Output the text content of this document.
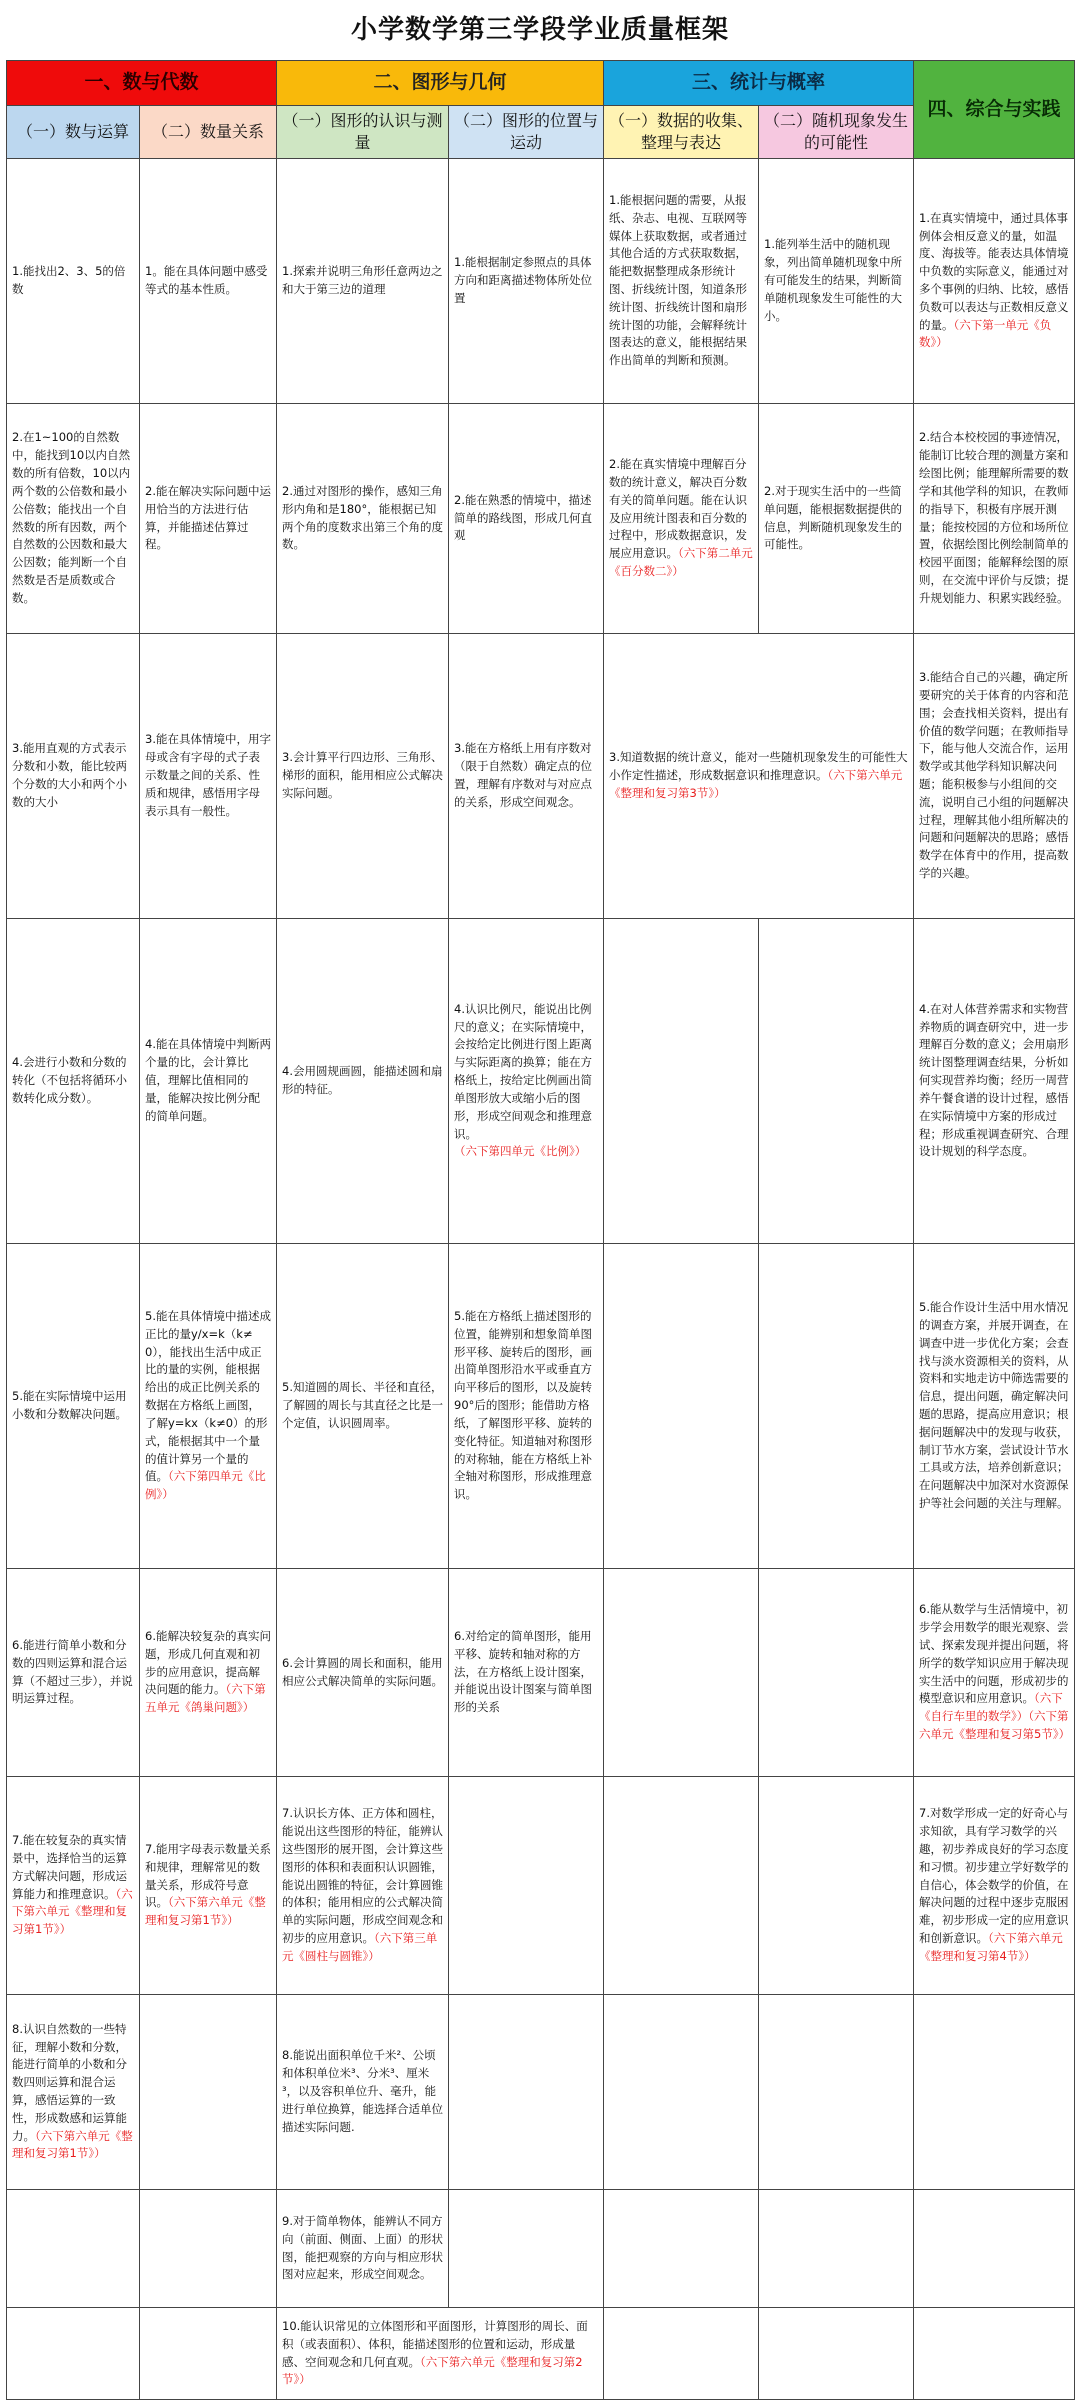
小学数学第三学段学业质量框架
一、数与代数		二、图形与几何		三、统计与概率		四、综合与实践
（一）数与运算	（二）数量关系	（一）图形的认识与测量	（二）图形的位置与运动	（一）数据的收集、整理与表达	（二）随机现象发生的可能性	
1.能找出2、3、5的倍数	1。能在具体问题中感受等式的基本性质。	1.探索并说明三角形任意两边之和大于第三边的道理	1.能根据制定参照点的具体方向和距离描述物体所处位置	1.能根据问题的需要，从报纸、杂志、电视、互联网等媒体上获取数据，或者通过其他合适的方式获取数据，能把数据整理成条形统计图、折线统计图，知道条形统计图、折线统计图和扇形统计图的功能，会解释统计图表达的意义，能根据结果作出简单的判断和预测。	1.能列举生活中的随机现象，列出简单随机现象中所有可能发生的结果，判断简单随机现象发生可能性的大小。	1.在真实情境中，通过具体事例体会相反意义的量，如温度、海拔等。能表达具体情境中负数的实际意义，能通过对多个事例的归纳、比较，感悟负数可以表达与正数相反意义的量。（六下第一单元《负数》）
2.在1~100的自然数中，能找到10以内自然数的所有倍数，10以内两个数的公倍数和最小公倍数；能找出一个自然数的所有因数，两个自然数的公因数和最大公因数；能判断一个自然数是否是质数或合数。	2.能在解决实际问题中运用恰当的方法进行估算，并能描述估算过程。	2.通过对图形的操作，感知三角形内角和是180°，能根据已知两个角的度数求出第三个角的度数。	2.能在熟悉的情境中，描述简单的路线图，形成几何直观	2.能在真实情境中理解百分数的统计意义，解决百分数有关的简单问题。能在认识及应用统计图表和百分数的过程中，形成数据意识，发展应用意识。（六下第二单元《百分数二》）	2.对于现实生活中的一些简单问题，能根据数据提供的信息，判断随机现象发生的可能性。	2.结合本校校园的事迹情况，能制订比较合理的测量方案和绘图比例；能理解所需要的数学和其他学科的知识，在教师的指导下，积极有序展开测量；能按校园的方位和场所位置，依据绘图比例绘制简单的校园平面图；能解释绘图的原则，在交流中评价与反馈；提升规划能力、积累实践经验。
3.能用直观的方式表示分数和小数，能比较两个分数的大小和两个小数的大小	3.能在具体情境中，用字母或含有字母的式子表示数量之间的关系、性质和规律，感悟用字母表示具有一般性。	3.会计算平行四边形、三角形、梯形的面积，能用相应公式解决实际问题。	3.能在方格纸上用有序数对（限于自然数）确定点的位置，理解有序数对与对应点的关系，形成空间观念。	3.知道数据的统计意义，能对一些随机现象发生的可能性大小作定性描述，形成数据意识和推理意识。（六下第六单元《整理和复习第3节》）		3.能结合自己的兴趣，确定所要研究的关于体育的内容和范围；会查找相关资料，提出有价值的数学问题；在教师指导下，能与他人交流合作，运用数学或其他学科知识解决问题；能积极参与小组间的交流，说明自己小组的问题解决过程，理解其他小组所解决的问题和问题解决的思路；感悟数学在体育中的作用，提高数学的兴趣。
4.会进行小数和分数的转化（不包括将循环小数转化成分数）。	4.能在具体情境中判断两个量的比，会计算比值，理解比值相同的量，能解决按比例分配的简单问题。	4.会用圆规画圆，能描述圆和扇形的特征。	4.认识比例尺，能说出比例尺的意义；在实际情境中，会按给定比例进行图上距离与实际距离的换算；能在方格纸上，按给定比例画出简单图形放大或缩小后的图形，形成空间观念和推理意识。（六下第四单元《比例》）			4.在对人体营养需求和实物营养物质的调查研究中，进一步理解百分数的意义；会用扇形统计图整理调查结果，分析如何实现营养均衡；经历一周营养午餐食谱的设计过程，感悟在实际情境中方案的形成过程；形成重视调查研究、合理设计规划的科学态度。
5.能在实际情境中运用小数和分数解决问题。	5.能在具体情境中描述成正比的量y/x=k（k≠0），能找出生活中成正比的量的实例，能根据给出的成正比例关系的数据在方格纸上画图，了解y=kx（k≠0）的形式，能根据其中一个量的值计算另一个量的值。（六下第四单元《比例》）	5.知道圆的周长、半径和直径，了解圆的周长与其直径之比是一个定值，认识圆周率。	5.能在方格纸上描述图形的位置，能辨别和想象简单图形平移、旋转后的图形，画出简单图形沿水平或垂直方向平移后的图形，以及旋转90°后的图形；能借助方格纸，了解图形平移、旋转的变化特征。知道轴对称图形的对称轴，能在方格纸上补全轴对称图形，形成推理意识。			5.能合作设计生活中用水情况的调查方案，并展开调查，在调查中进一步优化方案；会查找与淡水资源相关的资料，从资料和实地走访中筛选需要的信息，提出问题，确定解决问题的思路，提高应用意识；根据问题解决中的发现与收获，制订节水方案，尝试设计节水工具或方法，培养创新意识；在问题解决中加深对水资源保护等社会问题的关注与理解。
6.能进行简单小数和分数的四则运算和混合运算（不超过三步），并说明运算过程。	6.能解决较复杂的真实问题，形成几何直观和初步的应用意识，提高解决问题的能力。（六下第五单元《鸽巢问题》）	6.会计算圆的周长和面积，能用相应公式解决简单的实际问题。	6.对给定的简单图形，能用平移、旋转和轴对称的方法，在方格纸上设计图案，并能说出设计图案与简单图形的关系			6.能从数学与生活情境中，初步学会用数学的眼光观察、尝试、探索发现并提出问题，将所学的数学知识应用于解决现实生活中的问题，形成初步的模型意识和应用意识。（六下《自行车里的数学》）（六下第六单元《整理和复习第5节》）
7.能在较复杂的真实情景中，选择恰当的运算方式解决问题，形成运算能力和推理意识。（六下第六单元《整理和复习第1节》）	7.能用字母表示数量关系和规律，理解常见的数量关系，形成符号意识。（六下第六单元《整理和复习第1节》）	7.认识长方体、正方体和圆柱，能说出这些图形的特征，能辨认这些图形的展开图，会计算这些图形的体积和表面积认识圆锥，能说出圆锥的特征，会计算圆锥的体积；能用相应的公式解决简单的实际问题，形成空间观念和初步的应用意识。（六下第三单元《圆柱与圆锥》）				7.对数学形成一定的好奇心与求知欲，具有学习数学的兴趣，初步养成良好的学习态度和习惯。初步建立学好数学的自信心，体会数学的价值，在解决问题的过程中逐步克服困难，初步形成一定的应用意识和创新意识。（六下第六单元《整理和复习第4节》）
8.认识自然数的一些特征，理解小数和分数，能进行简单的小数和分数四则运算和混合运算，感悟运算的一致性，形成数感和运算能力。（六下第六单元《整理和复习第1节》）		8.能说出面积单位千米²、公顷和体积单位米³、分米³、厘米³，以及容积单位升、毫升，能进行单位换算，能选择合适单位描述实际问题.				
		9.对于简单物体，能辨认不同方向（前面、侧面、上面）的形状图，能把观察的方向与相应形状图对应起来，形成空间观念。				
		10.能认识常见的立体图形和平面图形，计算图形的周长、面积（或表面积）、体积，能描述图形的位置和运动，形成量感、空间观念和几何直观。（六下第六单元《整理和复习第2节》）				
